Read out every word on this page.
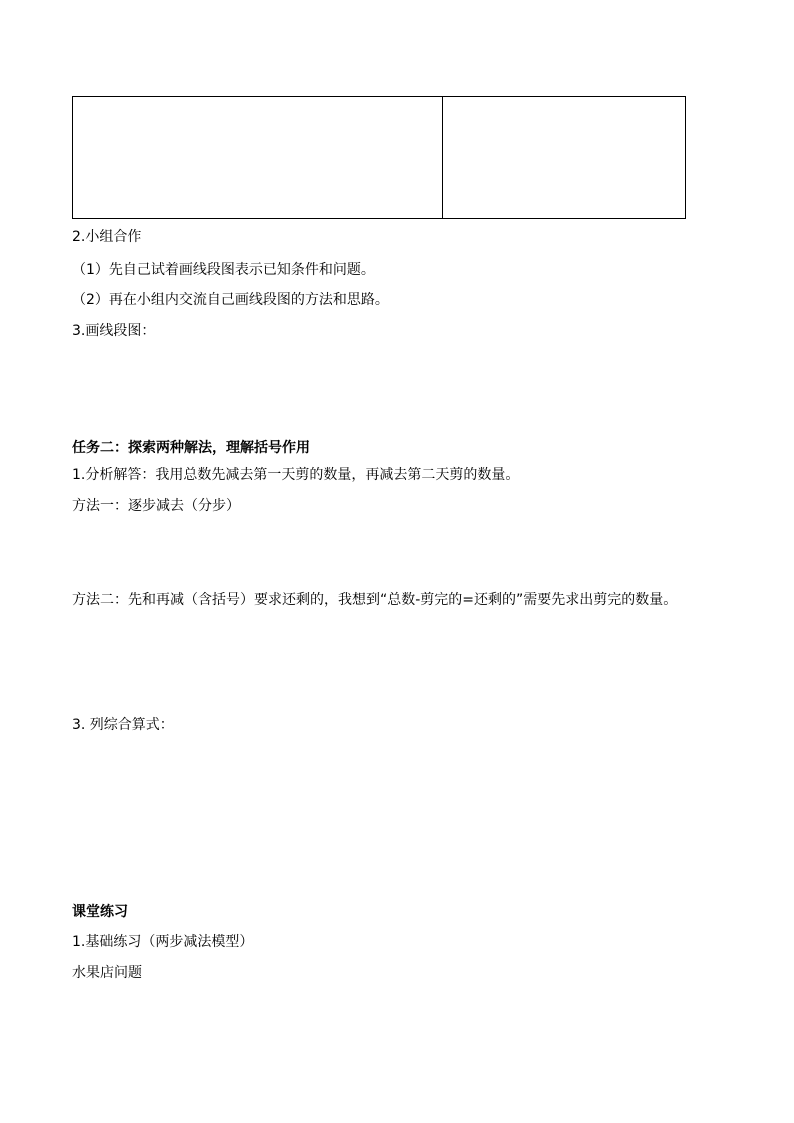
2.小组合作
（1）先自己试着画线段图表示已知条件和问题。
（2）再在小组内交流自己画线段图的方法和思路。
3.画线段图：
任务二：探索两种解法，理解括号作用
1.分析解答：我用总数先减去第一天剪的数量，再减去第二天剪的数量。
方法一：逐步减去（分步）
方法二：先和再减（含括号）要求还剩的，我想到“总数-剪完的=还剩的”需要先求出剪完的数量。
3. 列综合算式：
课堂练习
1.基础练习（两步减法模型）
水果店问题
